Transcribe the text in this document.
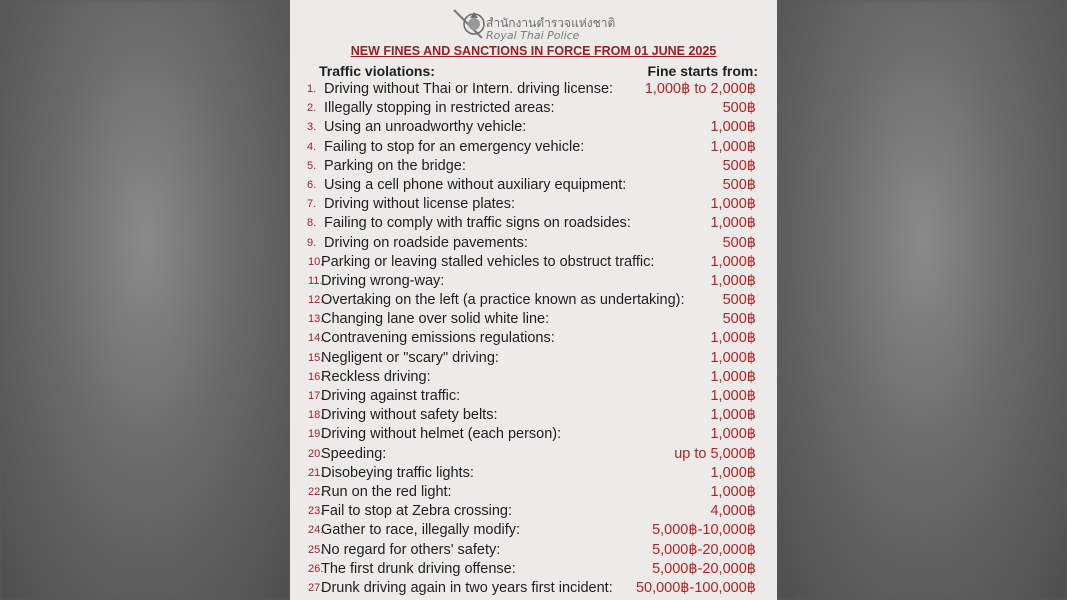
สำนักงานตำรวจแห่งชาติ
Royal Thai Police
NEW FINES AND SANCTIONS IN FORCE FROM 01 JUNE 2025
Traffic violations:	Fine starts from:
1. Driving without Thai or Intern. driving license: 1,000฿ to 2,000฿
2. Illegally stopping in restricted areas:	500฿
3. Using an unroadworthy vehicle:	1,000฿
4. Failing to stop for an emergency vehicle:	1,000฿
5. Parking on the bridge:	500฿
6. Using a cell phone without auxiliary equipment:	500฿
7. Driving without license plates:	1,000฿
8. Failing to comply with traffic signs on roadsides:	1,000฿
9. Driving on roadside pavements:	500฿
10.
Parking or leaving stalled vehicles to obstruct traffic:	1,000฿
11.
Driving wrong-way:	1,000฿
12.
Overtaking on the left (a practice known as undertaking):	500฿
13.
Changing lane over solid white line:	500฿
14.
Contravening emissions regulations:	1,000฿
15.
Negligent or "scary" driving:	1,000฿
16.
Reckless driving:	1,000฿
17.
Driving against traffic:	1,000฿
18.
Driving without safety belts:	1,000฿
19.
Driving without helmet (each person):	1,000฿
20.
Speeding:	up to 5,000฿
21.
Disobeying traffic lights:	1,000฿
22.
Run on the red light:	1,000฿
23.
Fail to stop at Zebra crossing:	4,000฿
24.
Gather to race, illegally modify:	5,000฿-10,000฿
25.
No regard for others' safety:	5,000฿-20,000฿
26.
The first drunk driving offense:	5,000฿-20,000฿
27.
Drunk driving again in two years first incident: 50,000฿-100,000฿
